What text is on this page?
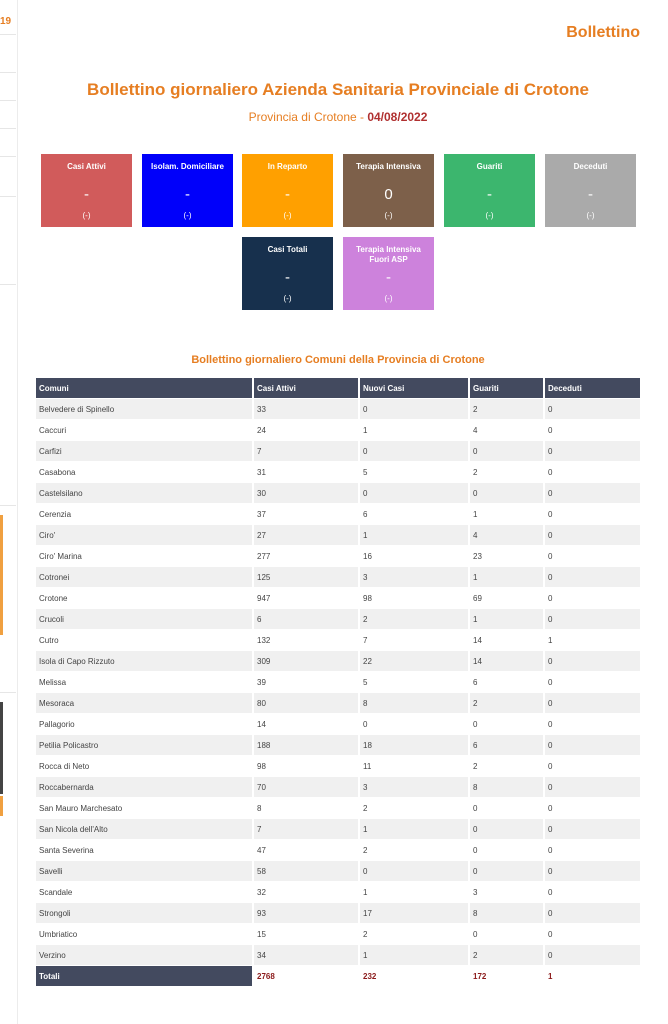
19
Bollettino
Bollettino giornaliero Azienda Sanitaria Provinciale di Crotone
Provincia di Crotone - 04/08/2022
Casi Attivi
-
(-)
Isolam. Domiciliare
-
(-)
In Reparto
-
(-)
Terapia Intensiva
0
(-)
Guariti
-
(-)
Deceduti
-
(-)
Casi Totali
-
(-)
Terapia Intensiva Fuori ASP
-
(-)
Bollettino giornaliero Comuni della Provincia di Crotone
Comuni	Casi Attivi	Nuovi Casi	Guariti	Deceduti
Belvedere di Spinello	33	0	2	0
Caccuri	24	1	4	0
Carfizi	7	0	0	0
Casabona	31	5	2	0
Castelsilano	30	0	0	0
Cerenzia	37	6	1	0
Ciro'	27	1	4	0
Ciro' Marina	277	16	23	0
Cotronei	125	3	1	0
Crotone	947	98	69	0
Crucoli	6	2	1	0
Cutro	132	7	14	1
Isola di Capo Rizzuto	309	22	14	0
Melissa	39	5	6	0
Mesoraca	80	8	2	0
Pallagorio	14	0	0	0
Petilia Policastro	188	18	6	0
Rocca di Neto	98	11	2	0
Roccabernarda	70	3	8	0
San Mauro Marchesato	8	2	0	0
San Nicola dell'Alto	7	1	0	0
Santa Severina	47	2	0	0
Savelli	58	0	0	0
Scandale	32	1	3	0
Strongoli	93	17	8	0
Umbriatico	15	2	0	0
Verzino	34	1	2	0
Totali	2768	232	172	1
